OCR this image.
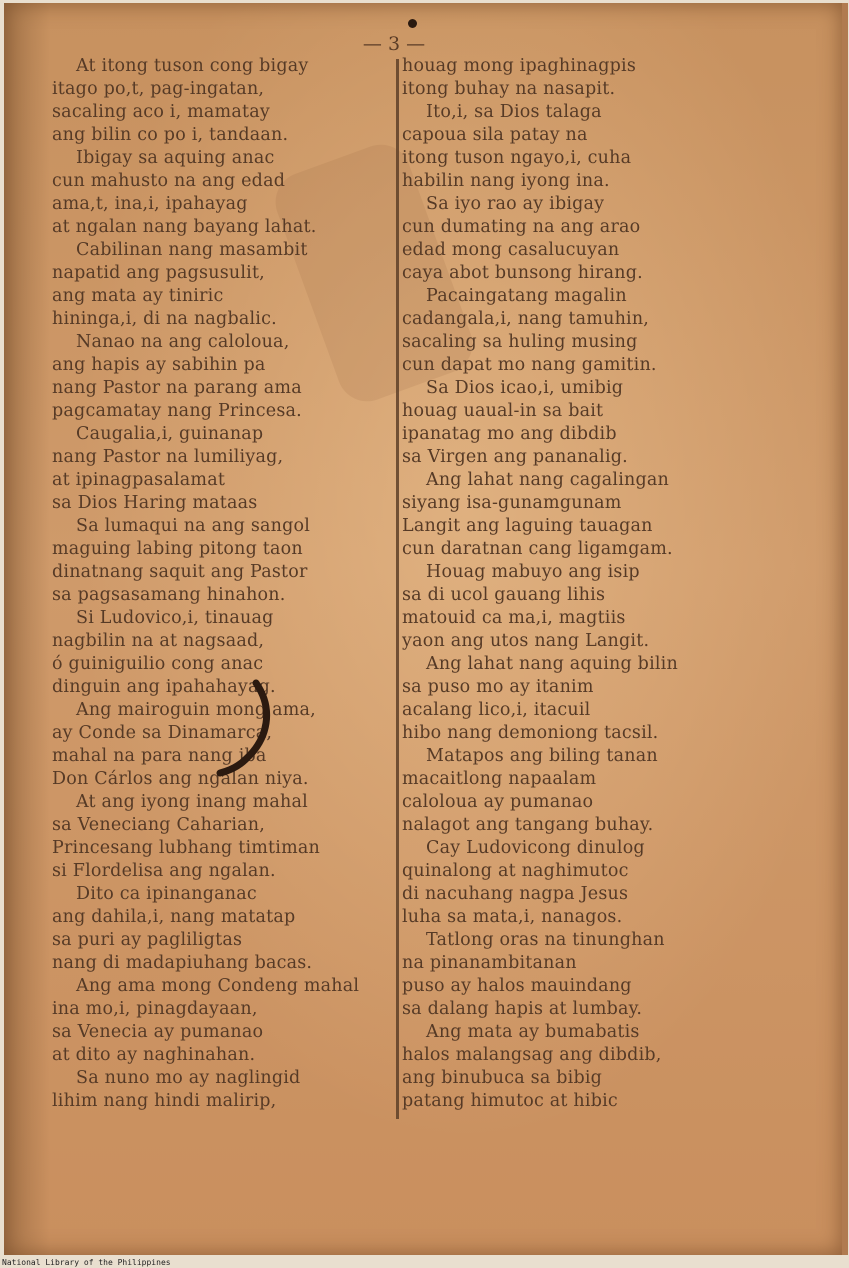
— 3 —
At itong tuson cong bigay
itago po,t, pag-ingatan,
sacaling aco i, mamatay
ang bilin co po i, tandaan.
Ibigay sa aquing anac
cun mahusto na ang edad
ama,t, ina,i, ipahayag
at ngalan nang bayang lahat.
Cabilinan nang masambit
napatid ang pagsusulit,
ang mata ay tiniric
hininga,i, di na nagbalic.
Nanao na ang caloloua,
ang hapis ay sabihin pa
nang Pastor na parang ama
pagcamatay nang Princesa.
Caugalia,i, guinanap
nang Pastor na lumiliyag,
at ipinagpasalamat
sa Dios Haring mataas
Sa lumaqui na ang sangol
maguing labing pitong taon
dinatnang saquit ang Pastor
sa pagsasamang hinahon.
Si Ludovico,i, tinauag
nagbilin na at nagsaad,
ó guiniguilio cong anac
dinguin ang ipahahayag.
Ang mairoguin mong ama,
ay Conde sa Dinamarca,
mahal na para nang iba
Don Cárlos ang ngalan niya.
At ang iyong inang mahal
sa Veneciang Caharian,
Princesang lubhang timtiman
si Flordelisa ang ngalan.
Dito ca ipinanganac
ang dahila,i, nang matatap
sa puri ay pagliligtas
nang di madapiuhang bacas.
Ang ama mong Condeng mahal
ina mo,i, pinagdayaan,
sa Venecia ay pumanao
at dito ay naghinahan.
Sa nuno mo ay naglingid
lihim nang hindi malirip,
houag mong ipaghinagpis
itong buhay na nasapit.
Ito,i, sa Dios talaga
capoua sila patay na
itong tuson ngayo,i, cuha
habilin nang iyong ina.
Sa iyo rao ay ibigay
cun dumating na ang arao
edad mong casalucuyan
caya abot bunsong hirang.
Pacaingatang magalin
cadangala,i, nang tamuhin,
sacaling sa huling musing
cun dapat mo nang gamitin.
Sa Dios icao,i, umibig
houag uaual-in sa bait
ipanatag mo ang dibdib
sa Virgen ang pananalig.
Ang lahat nang cagalingan
siyang isa-gunamgunam
Langit ang laguing tauagan
cun daratnan cang ligamgam.
Houag mabuyo ang isip
sa di ucol gauang lihis
matouid ca ma,i, magtiis
yaon ang utos nang Langit.
Ang lahat nang aquing bilin
sa puso mo ay itanim
acalang lico,i, itacuil
hibo nang demoniong tacsil.
Matapos ang biling tanan
macaitlong napaalam
caloloua ay pumanao
nalagot ang tangang buhay.
Cay Ludovicong dinulog
quinalong at naghimutoc
di nacuhang nagpa Jesus
luha sa mata,i, nanagos.
Tatlong oras na tinunghan
na pinanambitanan
puso ay halos mauindang
sa dalang hapis at lumbay.
Ang mata ay bumabatis
halos malangsag ang dibdib,
ang binubuca sa bibig
patang himutoc at hibic
National Library of the Philippines
